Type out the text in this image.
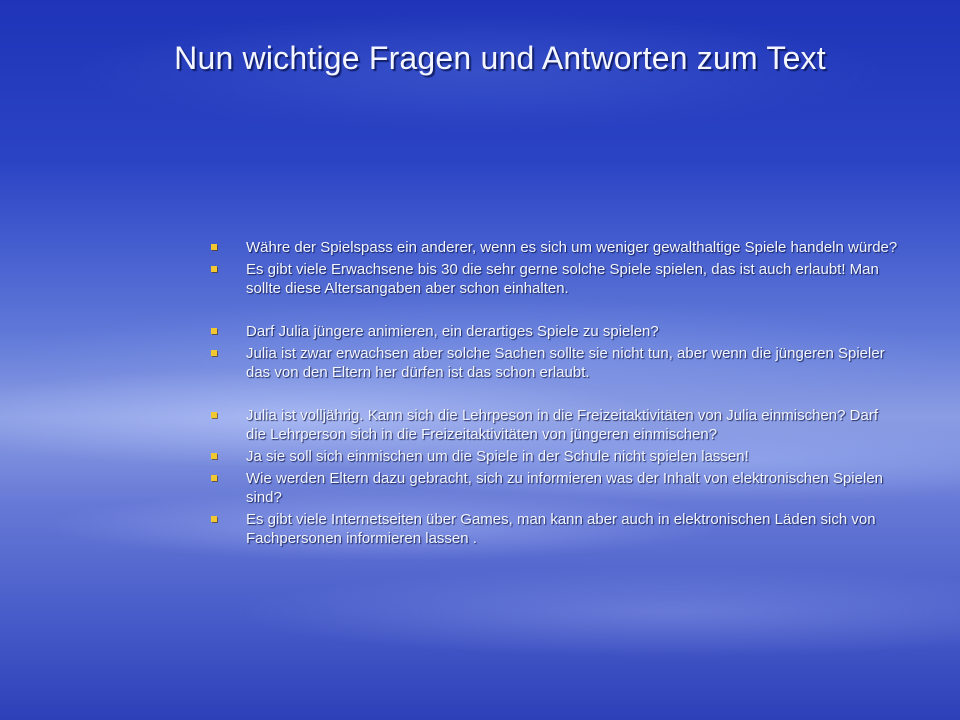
Nun wichtige Fragen und Antworten zum Text
Währe der Spielspass ein anderer, wenn es sich um weniger gewalthaltige Spiele handeln würde?
Es gibt viele Erwachsene bis 30 die sehr gerne solche Spiele spielen, das ist auch erlaubt! Man sollte diese Altersangaben aber schon einhalten.
Darf Julia jüngere animieren, ein derartiges Spiele zu spielen?
Julia ist zwar erwachsen aber solche Sachen sollte sie nicht tun, aber wenn die jüngeren Spieler das von den Eltern her dürfen ist das schon erlaubt.
Julia ist volljährig. Kann sich die Lehrpeson in die Freizeitaktivitäten von Julia einmischen? Darf die Lehrperson sich in die Freizeitaktivitäten von jüngeren einmischen?
Ja sie soll sich einmischen um die Spiele in der Schule nicht spielen lassen!
Wie werden Eltern dazu gebracht, sich zu informieren was der Inhalt von elektronischen Spielen sind?
Es gibt viele Internetseiten über Games, man kann aber auch in elektronischen Läden sich von Fachpersonen informieren lassen .
